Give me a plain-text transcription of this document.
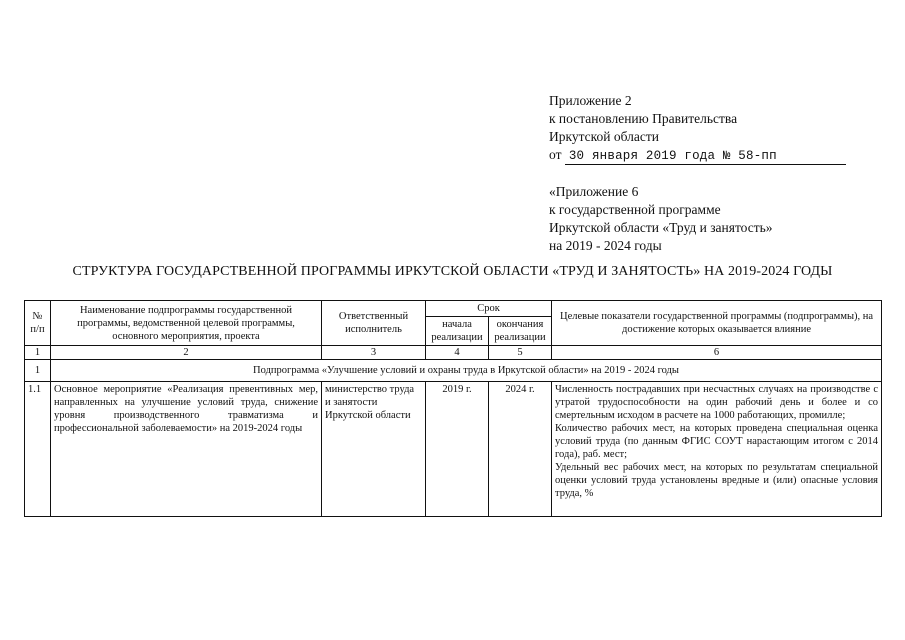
Приложение 2
к постановлению Правительства
Иркутской области
от 30 января 2019 года № 58-пп
«Приложение 6
к государственной программе
Иркутской области «Труд и занятость»
на 2019 - 2024 годы
СТРУКТУРА ГОСУДАРСТВЕННОЙ ПРОГРАММЫ ИРКУТСКОЙ ОБЛАСТИ «ТРУД И ЗАНЯТОСТЬ» НА 2019-2024 ГОДЫ
№ п/п	Наименование подпрограммы государственной программы, ведомственной целевой программы, основного мероприятия, проекта	Ответственный исполнитель	Срок		Целевые показатели государственной программы (подпрограммы), на достижение которых оказывается влияние
			начала реализации	окончания реализации	
1	2	3	4	5	6
1	Подпрограмма «Улучшение условий и охраны труда в Иркутской области» на 2019 - 2024 годы				
1.1	Основное мероприятие «Реализация превентивных мер, направленных на улучшение условий труда, снижение уровня производственного травматизма и профессиональной заболеваемости» на 2019-2024 годы	министерство труда и занятости Иркутской области	2019 г.	2024 г.	Численность пострадавших при несчастных случаях на производстве с утратой трудоспособности на один рабочий день и более и со смертельным исходом в расчете на 1000 работающих, промилле;

Количество рабочих мест, на которых проведена специальная оценка условий труда (по данным ФГИС СОУТ нарастающим итогом с 2014 года), раб. мест;

Удельный вес рабочих мест, на которых по результатам специальной оценки условий труда установлены вредные и (или) опасные условия труда, %
